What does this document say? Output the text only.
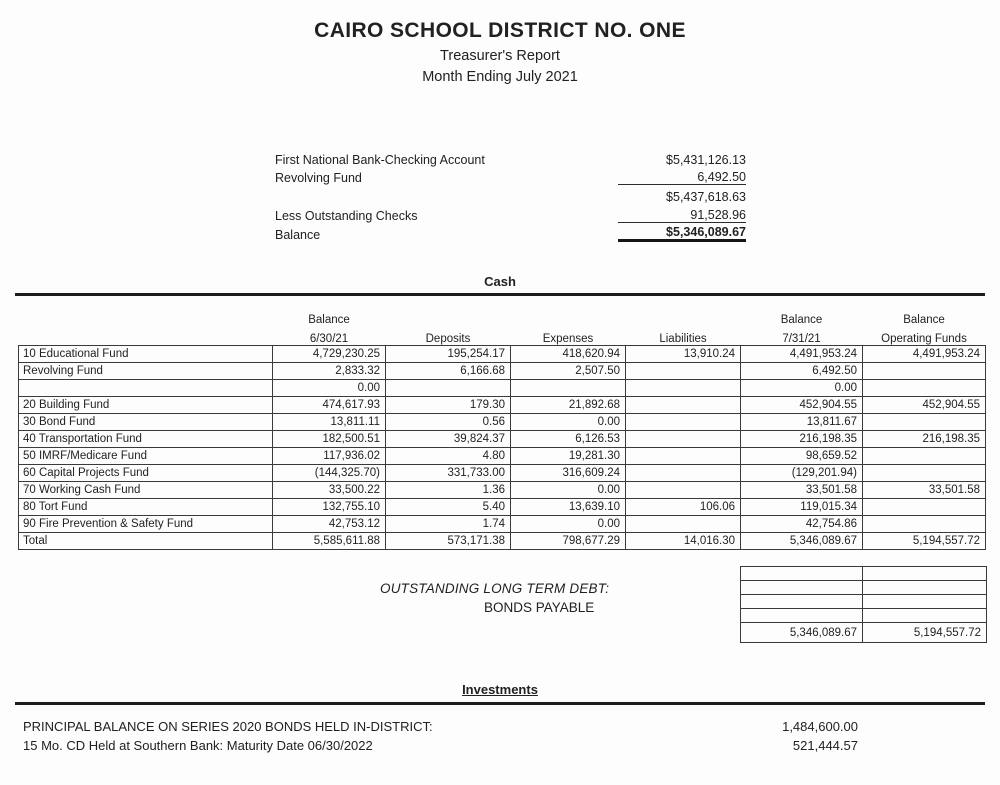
CAIRO SCHOOL DISTRICT NO. ONE
Treasurer's Report
Month Ending July 2021
First National Bank-Checking Account	$5,431,126.13
Revolving Fund	6,492.50
$5,437,618.63
Less Outstanding Checks	91,528.96
Balance	$5,346,089.67
Cash
	Balance				Balance	Balance
	6/30/21	Deposits	Expenses	Liabilities	7/31/21	Operating Funds
10 Educational Fund	4,729,230.25	195,254.17	418,620.94	13,910.24	4,491,953.24	4,491,953.24
Revolving Fund	2,833.32	6,166.68	2,507.50		6,492.50	
	0.00				0.00	
20 Building Fund	474,617.93	179.30	21,892.68		452,904.55	452,904.55
30 Bond Fund	13,811.11	0.56	0.00		13,811.67	
40 Transportation Fund	182,500.51	39,824.37	6,126.53		216,198.35	216,198.35
50 IMRF/Medicare Fund	117,936.02	4.80	19,281.30		98,659.52	
60 Capital Projects Fund	(144,325.70)	331,733.00	316,609.24		(129,201.94)	
70 Working Cash Fund	33,500.22	1.36	0.00		33,501.58	33,501.58
80 Tort Fund	132,755.10	5.40	13,639.10	106.06	119,015.34	
90 Fire Prevention & Safety Fund	42,753.12	1.74	0.00		42,754.86	
Total	5,585,611.88	573,171.38	798,677.29	14,016.30	5,346,089.67	5,194,557.72

5,346,089.67	5,194,557.72
OUTSTANDING LONG TERM DEBT:
BONDS PAYABLE
Investments
PRINCIPAL BALANCE ON SERIES 2020 BONDS HELD IN-DISTRICT:	1,484,600.00
15 Mo. CD Held at Southern Bank: Maturity Date 06/30/2022	521,444.57
